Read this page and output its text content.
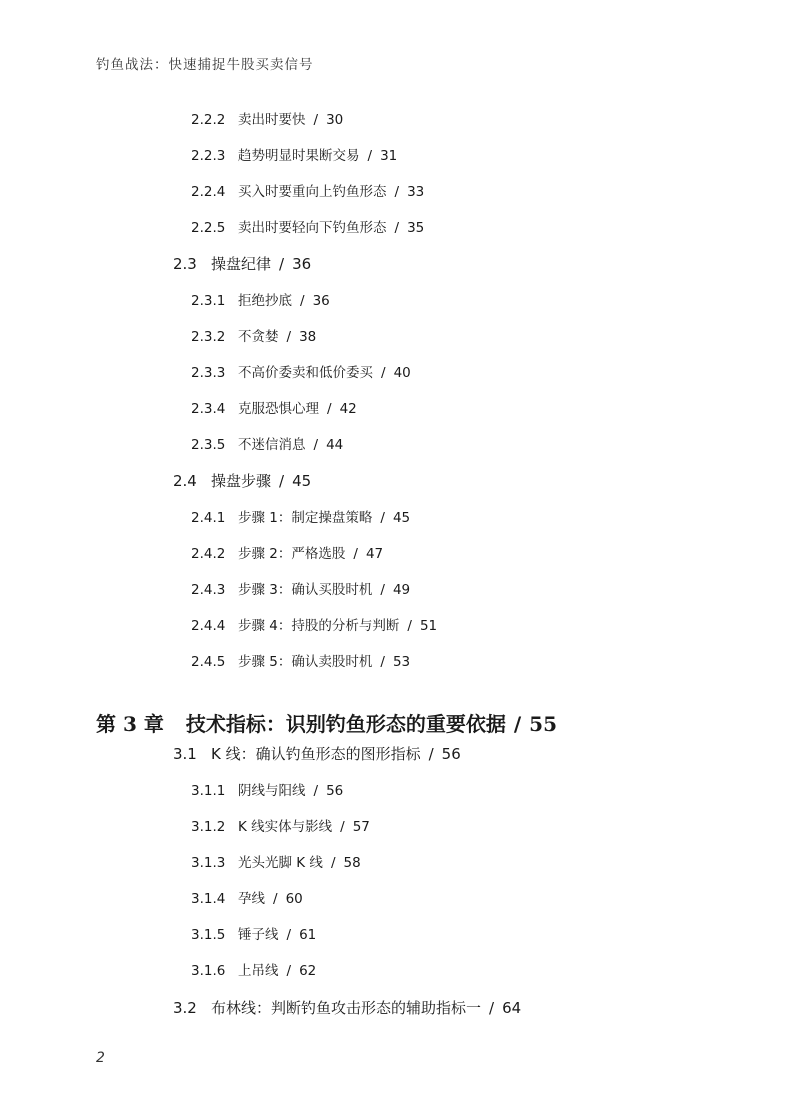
钓鱼战法：快速捕捉牛股买卖信号
2.2.2 卖出时要快 / 30
2.2.3 趋势明显时果断交易 / 31
2.2.4 买入时要重向上钓鱼形态 / 33
2.2.5 卖出时要轻向下钓鱼形态 / 35
2.3 操盘纪律 / 36
2.3.1 拒绝抄底 / 36
2.3.2 不贪婪 / 38
2.3.3 不高价委卖和低价委买 / 40
2.3.4 克服恐惧心理 / 42
2.3.5 不迷信消息 / 44
2.4 操盘步骤 / 45
2.4.1 步骤 1：制定操盘策略 / 45
2.4.2 步骤 2：严格选股 / 47
2.4.3 步骤 3：确认买股时机 / 49
2.4.4 步骤 4：持股的分析与判断 / 51
2.4.5 步骤 5：确认卖股时机 / 53
第 3 章 技术指标：识别钓鱼形态的重要依据 / 55
3.1 K 线：确认钓鱼形态的图形指标 / 56
3.1.1 阴线与阳线 / 56
3.1.2 K 线实体与影线 / 57
3.1.3 光头光脚 K 线 / 58
3.1.4 孕线 / 60
3.1.5 锤子线 / 61
3.1.6 上吊线 / 62
3.2 布林线：判断钓鱼攻击形态的辅助指标一 / 64
2
